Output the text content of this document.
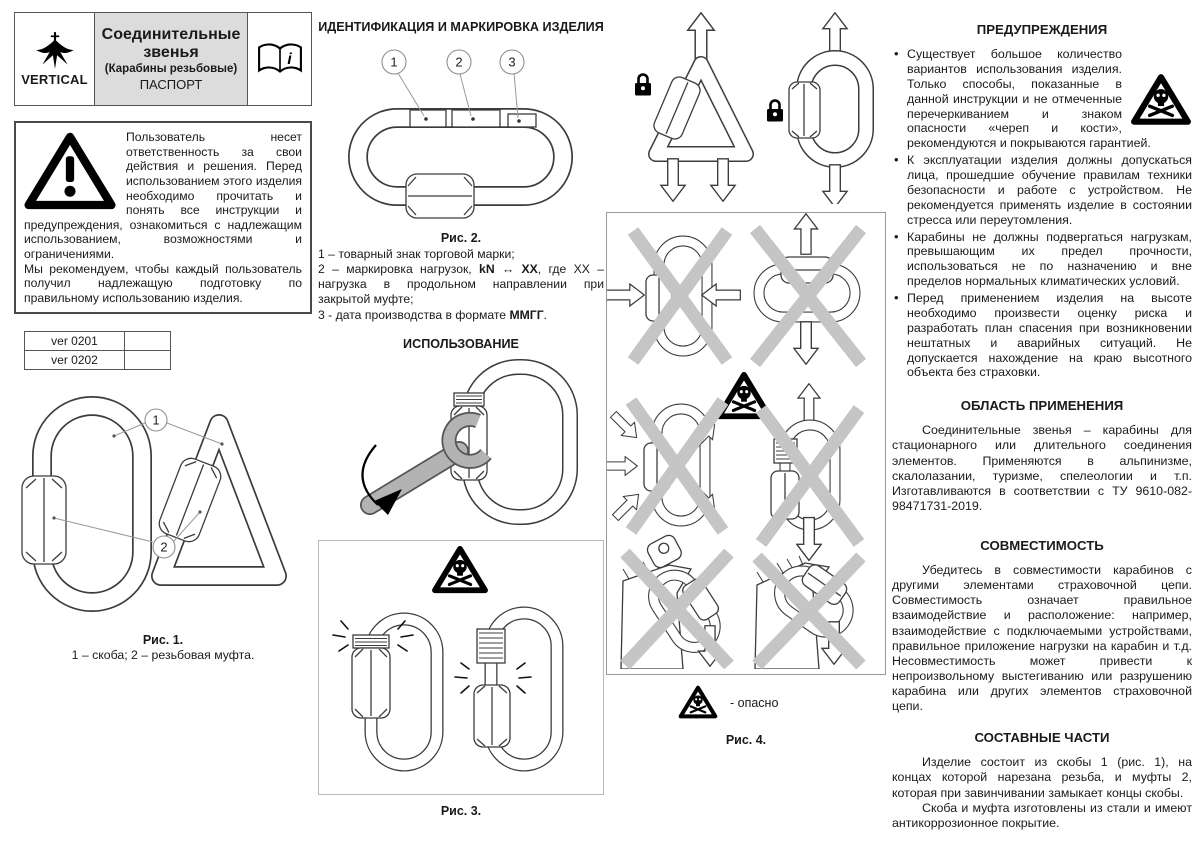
VERTICAL
Соединительные звенья
(Карабины резьбовые)
ПАСПОРТ
i
Пользователь несет ответственность за свои действия и решения. Перед использованием этого изделия необходимо прочитать и понять все инструкции и предупреждения, ознакомиться с надлежащим использованием, возможностями и ограничениями.
Мы рекомендуем, чтобы каждый пользователь получил надлежащую подготовку по правильному использованию изделия.
ver 0201	
ver 0202	
1
2
Рис. 1.
1 – скоба; 2 – резьбовая муфта.
ИДЕНТИФИКАЦИЯ И МАРКИРОВКА ИЗДЕЛИЯ
1	2	3
Рис. 2.
1 – товарный знак торговой марки;
2 – маркировка нагрузок, kN ↔ XX, где XX – нагрузка в продольном направлении при закрытой муфте;
3 - дата производства в формате ММГГ.
ИСПОЛЬЗОВАНИЕ
Рис. 3.
- опасно
Рис. 4.
ПРЕДУПРЕЖДЕНИЯ
• Существует большое количество вариантов использования изделия. Только способы, показанные в данной инструкции и не отмеченные перечеркиванием и знаком опасности «череп и кости», рекомендуются и покрываются гарантией.
• К эксплуатации изделия должны допускаться лица, прошедшие обучение правилам техники безопасности и работе с устройством. Не рекомендуется применять изделие в состоянии стресса или переутомления.
• Карабины не должны подвергаться нагрузкам, превышающим их предел прочности, использоваться не по назначению и вне пределов нормальных климатических условий.
• Перед применением изделия на высоте необходимо произвести оценку риска и разработать план спасения при возникновении нештатных и аварийных ситуаций. Не допускается нахождение на краю высотного объекта без страховки.
ОБЛАСТЬ ПРИМЕНЕНИЯ
Соединительные звенья – карабины для стационарного или длительного соединения элементов. Применяются в альпинизме, скалолазании, туризме, спелеологии и т.п. Изготавливаются в соответствии с ТУ 9610-082-98471731-2019.
СОВМЕСТИМОСТЬ
Убедитесь в совместимости карабинов с другими элементами страховочной цепи. Совместимость означает правильное взаимодействие и расположение: например, взаимодействие с подключаемыми устройствами, правильное приложение нагрузки на карабин и т.д. Несовместимость может привести к непроизвольному выстегиванию или разрушению карабина или других элементов страховочной цепи.
СОСТАВНЫЕ ЧАСТИ
Изделие состоит из скобы 1 (рис. 1), на концах которой нарезана резьба, и муфты 2, которая при завинчивании замыкает концы скобы.
Скоба и муфта изготовлены из стали и имеют антикоррозионное покрытие.
